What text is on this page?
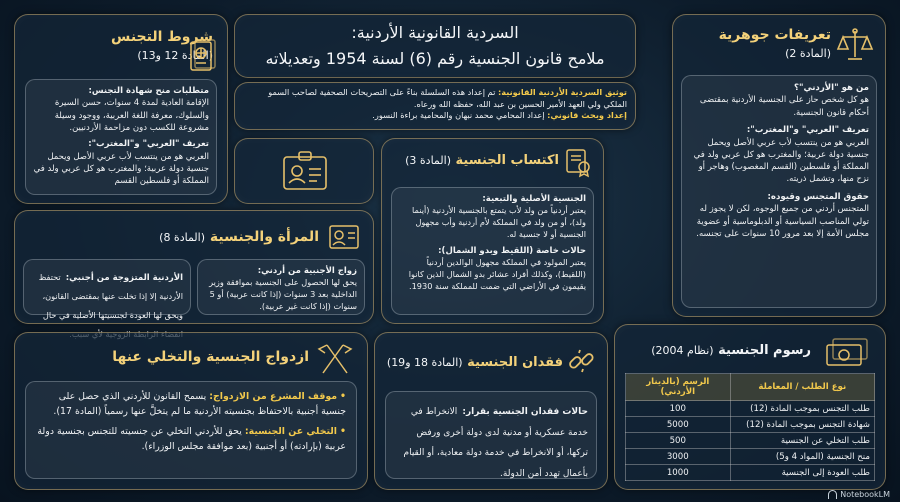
السردية القانونية الأردنية:
ملامح قانون الجنسية رقم (6) لسنة 1954 وتعديلاته
توثيق السردية الأردنية القانونية: تم إعداد هذه السلسلة بناءً على التصريحات الصحفية لصاحب السمو الملكي ولي العهد الأمير الحسين بن عبد الله، حفظه الله ورعاه.
إعداد وبحث قانوني: إعداد المحامي محمد نبهان والمحامية براءة النسور.
تعريفات جوهرية
(المادة 2)
من هو "الأردني"؟
هو كل شخص حاز على الجنسية الأردنية بمقتضى أحكام قانون الجنسية.
تعريف "العربي" و"المغترب":
العربي هو من ينتسب لأب عربي الأصل ويحمل جنسية دولة عربية؛ والمغترب هو كل عربي ولد في المملكة أو فلسطين (القسم المغصوب) وهاجر أو نزح منها، وتشمل ذريته.
حقوق المتجنس وقيوده:
المتجنس أردني من جميع الوجوه، لكن لا يجوز له تولي المناصب السياسية أو الدبلوماسية أو عضوية مجلس الأمة إلا بعد مرور 10 سنوات على تجنسه.
شروط التجنس
(المادة 12 و13)
متطلبات منح شهادة التجنس:
الإقامة العادية لمدة 4 سنوات، حسن السيرة والسلوك، معرفة اللغة العربية، ووجود وسيلة مشروعة للكسب دون مزاحمة الأردنيين.
تعريف "العربي" و"المغترب":
العربي هو من ينتسب لأب عربي الأصل ويحمل جنسية دولة عربية؛ والمغترب هو كل عربي ولد في المملكة أو فلسطين القسم
اكتساب الجنسية (المادة 3)
الجنسية الأصلية والتبعية:
يعتبر أردنياً من ولد لأب يتمتع بالجنسية الأردنية (أينما ولد)، أو من ولد في المملكة لأم أردنية وأب مجهول الجنسية أو لا جنسية له.
حالات خاصة (اللقيط وبدو الشمال):
يعتبر المولود في المملكة مجهول الوالدين أردنياً (اللقيط)، وكذلك أفراد عشائر بدو الشمال الذين كانوا يقيمون في الأراضي التي ضمت للمملكة سنة 1930.
المرأة والجنسية (المادة 8)
زواج الأجنبية من أردني:
يحق لها الحصول على الجنسية بموافقة وزير الداخلية بعد 3 سنوات (إذا كانت عربية) أو 5 سنوات (إذا كانت غير عربية).
الأردنية المتزوجة من أجنبي: تحتفظ الأردنية إلا إذا تخلت عنها بمقتضى القانون، ويحق لها العودة لجنسيتها الأصلية في حال
ازدواج الجنسية والتخلي عنها
• موقف المشرع من الازدواج: يسمح القانون للأردني الذي حصل على جنسية أجنبية بالاحتفاظ بجنسيته الأردنية ما لم يتخلَّ عنها رسمياً (المادة 17).
• التخلي عن الجنسية: يحق للأردني التخلي عن جنسيته للتجنس بجنسية دولة عربية (بإرادته) أو أجنبية (بعد موافقة مجلس الوزراء).
فقدان الجنسية (المادة 18 و19)
حالات فقدان الجنسية بقرار: الانخراط في خدمة عسكرية أو مدنية لدى دولة أخرى ورفض تركها، أو الانخراط في خدمة دولة معادية، أو القيام بأعمال تهدد أمن الدولة.
رسوم الجنسية (نظام 2004)
نوع الطلب / المعاملة	الرسم (بالدينار الأردني)
طلب التجنس بموجب المادة (12)	100
شهادة التجنس بموجب المادة (12)	5000
طلب التخلي عن الجنسية	500
منح الجنسية (المواد 4 و5)	3000
طلب العودة إلى الجنسية	1000
NotebookLM
